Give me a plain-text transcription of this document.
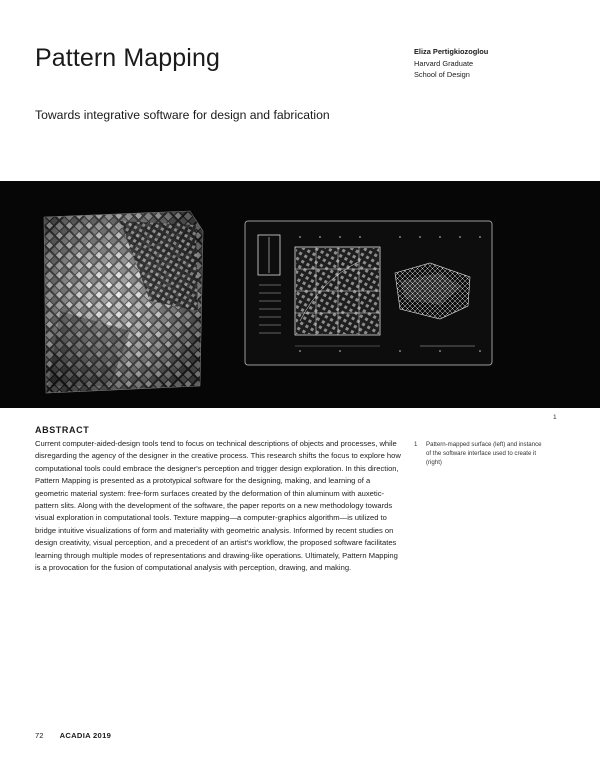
Pattern Mapping	Eliza Pertigkiozoglou
Harvard Graduate
School of Design
Towards integrative software for design and fabrication
1
ABSTRACT
Current computer-aided-design tools tend to focus on technical descriptions of objects and processes, while disregarding the agency of the designer in the creative process. This research shifts the focus to explore how computational tools could embrace the designer's perception and trigger design exploration. In this direction, Pattern Mapping is presented as a prototypical software for the designing, making, and learning of a geometric material system: free-form surfaces created by the deformation of thin aluminum with auxetic-pattern slits. Along with the development of the software, the paper reports on a new methodology towards visual exploration in computational tools. Texture mapping—a computer-graphics algorithm—is utilized to bridge intuitive visualizations of form and materiality with geometric analysis. Informed by recent studies on design creativity, visual perception, and a precedent of an artist's workflow, the proposed software facilitates learning through multiple modes of representations and drawing-like operations. Ultimately, Pattern Mapping is a provocation for the fusion of computational analysis with perception, drawing, and making.
1 Pattern-mapped surface (left) and instance of the software interface used to create it (right)
72 ACADIA 2019
